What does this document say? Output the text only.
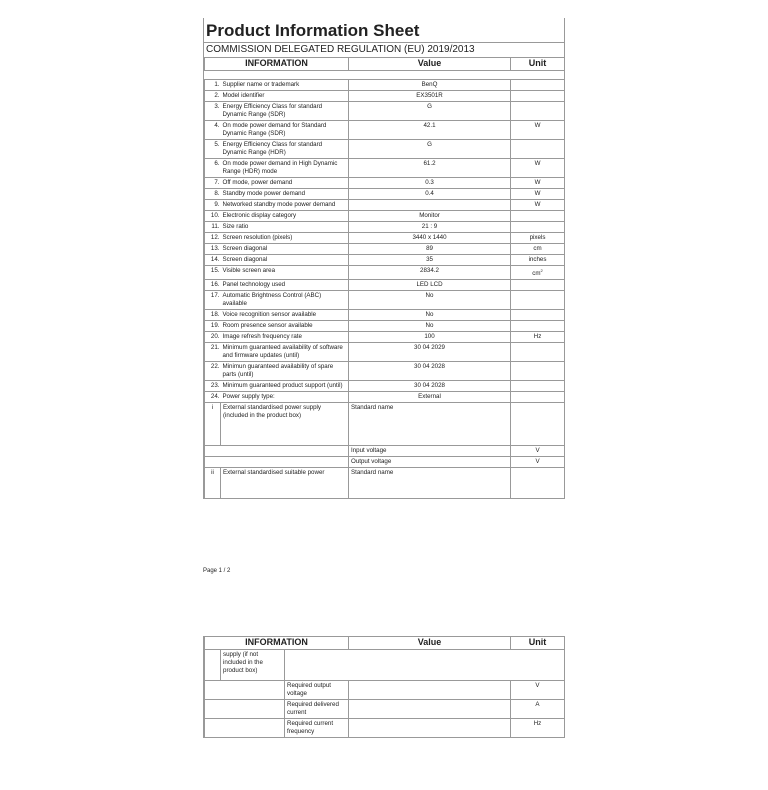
Product Information Sheet
COMMISSION DELEGATED REGULATION (EU) 2019/2013
INFORMATION		Value	Unit

1.	Supplier name or trademark	BenQ	
2.	Model identifier	EX3501R	
3.	Energy Efficiency Class for standard Dynamic Range (SDR)	G	
4.	On mode power demand for Standard Dynamic Range (SDR)	42.1	W
5.	Energy Efficiency Class for standard Dynamic Range (HDR)	G	
6.	On mode power demand in High Dynamic Range (HDR) mode	61.2	W
7.	Off mode, power demand	0.3	W
8.	Standby mode power demand	0.4	W
9.	Networked standby mode power demand		W
10.	Electronic display category	Monitor	
11.	Size ratio	21 : 9	
12.	Screen resolution (pixels)	3440 x 1440	pixels
13.	Screen diagonal	89	cm
14.	Screen diagonal	35	inches
15.	Visible screen area	2834.2	$cm^2$
16.	Panel technology used	LED LCD	
17.	Automatic Brightness Control (ABC) available	No	
18.	Voice recognition sensor available	No	
19.	Room presence sensor available	No	
20.	Image refresh frequency rate	100	Hz
21.	Minimum guaranteed availability of software and firmware updates (until)	30 04 2029	
22.	Minimun guaranteed availability of spare parts (until)	30 04 2028	
23.	Minimum guaranteed product support (until)	30 04 2028	
24.	Power supply type:	External	
i	External standardised power supply (included in the product box)	Standard name	
		Input voltage	V
		Output voltage	V
ii	External standardised suitable power	Standard name	
Page 1 / 2
INFORMATION			Value	Unit
	supply (if not included in the product box)			
		Required output voltage		V
		Required delivered current		A
		Required current frequency		Hz
